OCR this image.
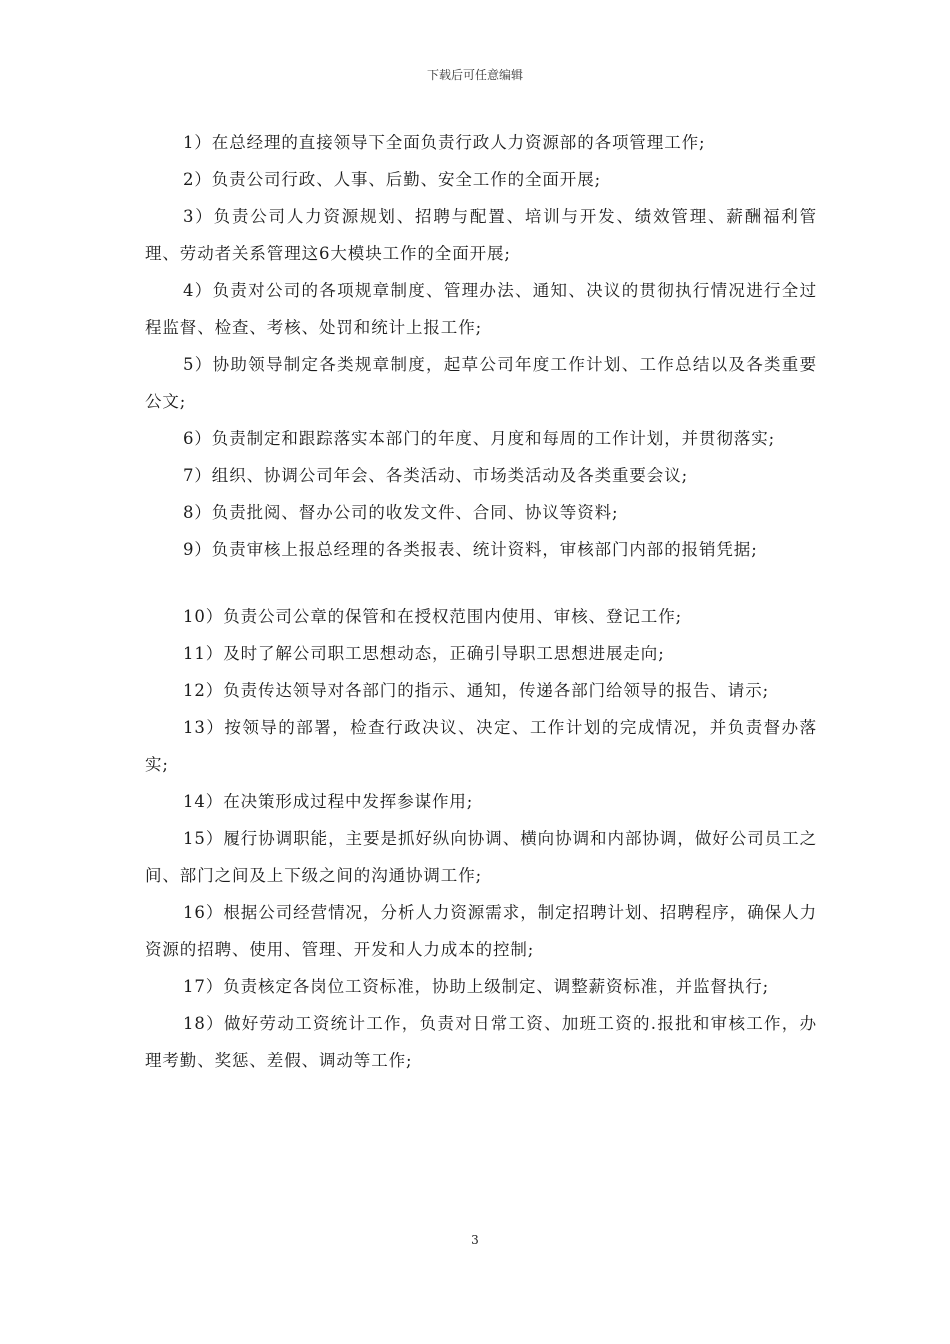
下载后可任意编辑

1）在总经理的直接领导下全面负责行政人力资源部的各项管理工作;

2）负责公司行政、人事、后勤、安全工作的全面开展;

3）负责公司人力资源规划、招聘与配置、培训与开发、绩效管理、薪酬福利管理、劳动者关系管理这6大模块工作的全面开展;

4）负责对公司的各项规章制度、管理办法、通知、决议的贯彻执行情况进行全过程监督、检查、考核、处罚和统计上报工作;

5）协助领导制定各类规章制度，起草公司年度工作计划、工作总结以及各类重要公文;

6）负责制定和跟踪落实本部门的年度、月度和每周的工作计划，并贯彻落实;

7）组织、协调公司年会、各类活动、市场类活动及各类重要会议;

8）负责批阅、督办公司的收发文件、合同、协议等资料;

9）负责审核上报总经理的各类报表、统计资料，审核部门内部的报销凭据;

10）负责公司公章的保管和在授权范围内使用、审核、登记工作;

11）及时了解公司职工思想动态，正确引导职工思想进展走向;

12）负责传达领导对各部门的指示、通知，传递各部门给领导的报告、请示;

13）按领导的部署，检查行政决议、决定、工作计划的完成情况，并负责督办落实;

14）在决策形成过程中发挥参谋作用;

15）履行协调职能，主要是抓好纵向协调、横向协调和内部协调，做好公司员工之间、部门之间及上下级之间的沟通协调工作;

16）根据公司经营情况，分析人力资源需求，制定招聘计划、招聘程序，确保人力资源的招聘、使用、管理、开发和人力成本的控制;

17）负责核定各岗位工资标准，协助上级制定、调整薪资标准，并监督执行;

18）做好劳动工资统计工作，负责对日常工资、加班工资的.报批和审核工作，办理考勤、奖惩、差假、调动等工作;

3
